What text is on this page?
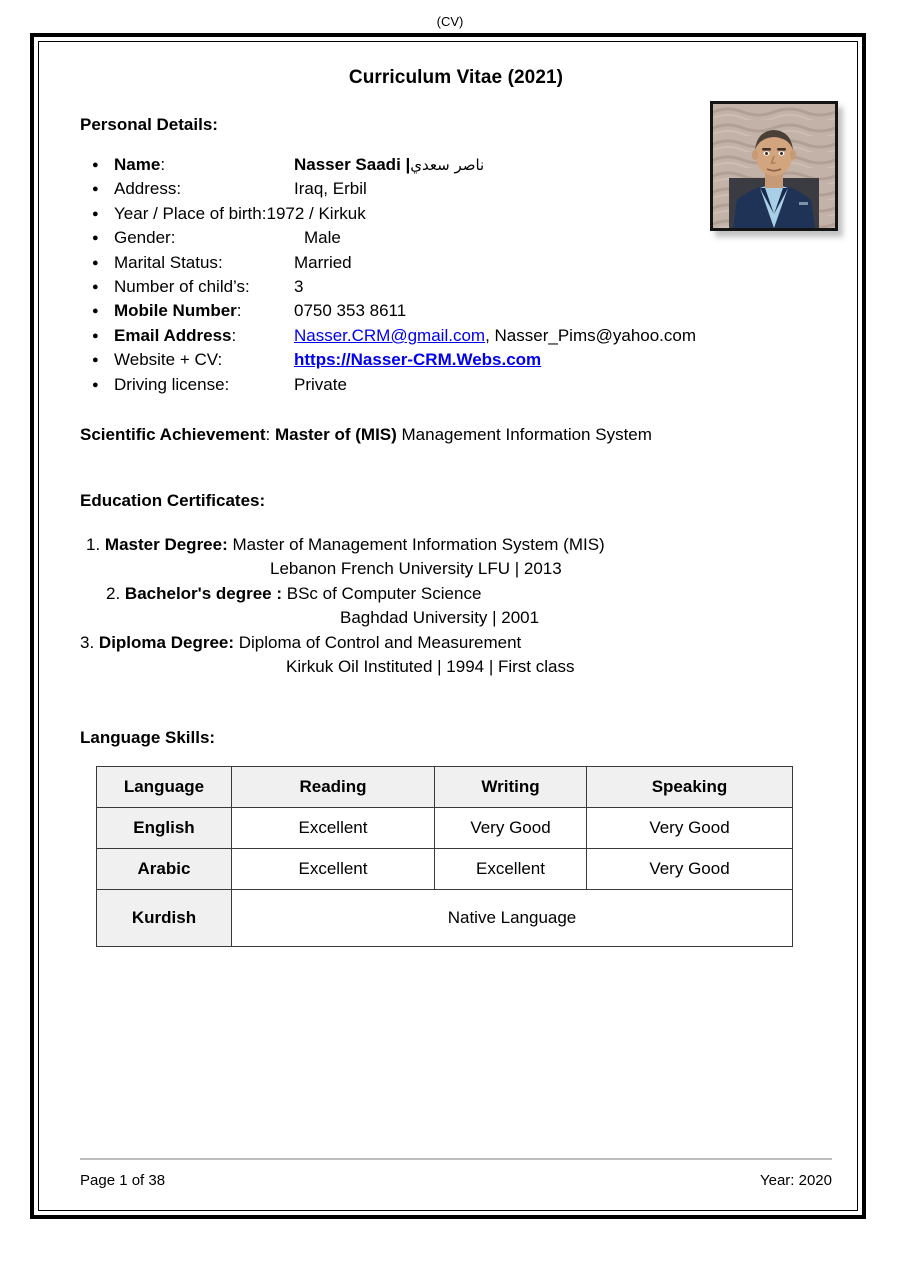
(CV)
Curriculum Vitae (2021)
Personal Details:
● Name:	Nasser Saadi |ناصر سعدي
● Address:	Iraq, Erbil
● Year / Place of birth:1972 / Kirkuk
● Gender:	Male
● Marital Status:	Married
● Number of child’s:	3
● Mobile Number:	0750 353 8611
● Email Address:	Nasser.CRM@gmail.com, Nasser_Pims@yahoo.com
● Website + CV:	https://Nasser-CRM.Webs.com
● Driving license:	Private

Scientific Achievement: Master of (MIS) Management Information System

Education Certificates:
1. Master Degree: Master of Management Information System (MIS)
Lebanon French University LFU | 2013
2. Bachelor's degree : BSc of Computer Science
Baghdad University | 2001
3. Diploma Degree: Diploma of Control and Measurement
Kirkuk Oil Instituted | 1994 | First class
Language Skills:
Language	Reading	Writing	Speaking
English	Excellent	Very Good	Very Good
Arabic	Excellent	Excellent	Very Good
Kurdish	Native Language		
Page 1 of 38	Year: 2020
